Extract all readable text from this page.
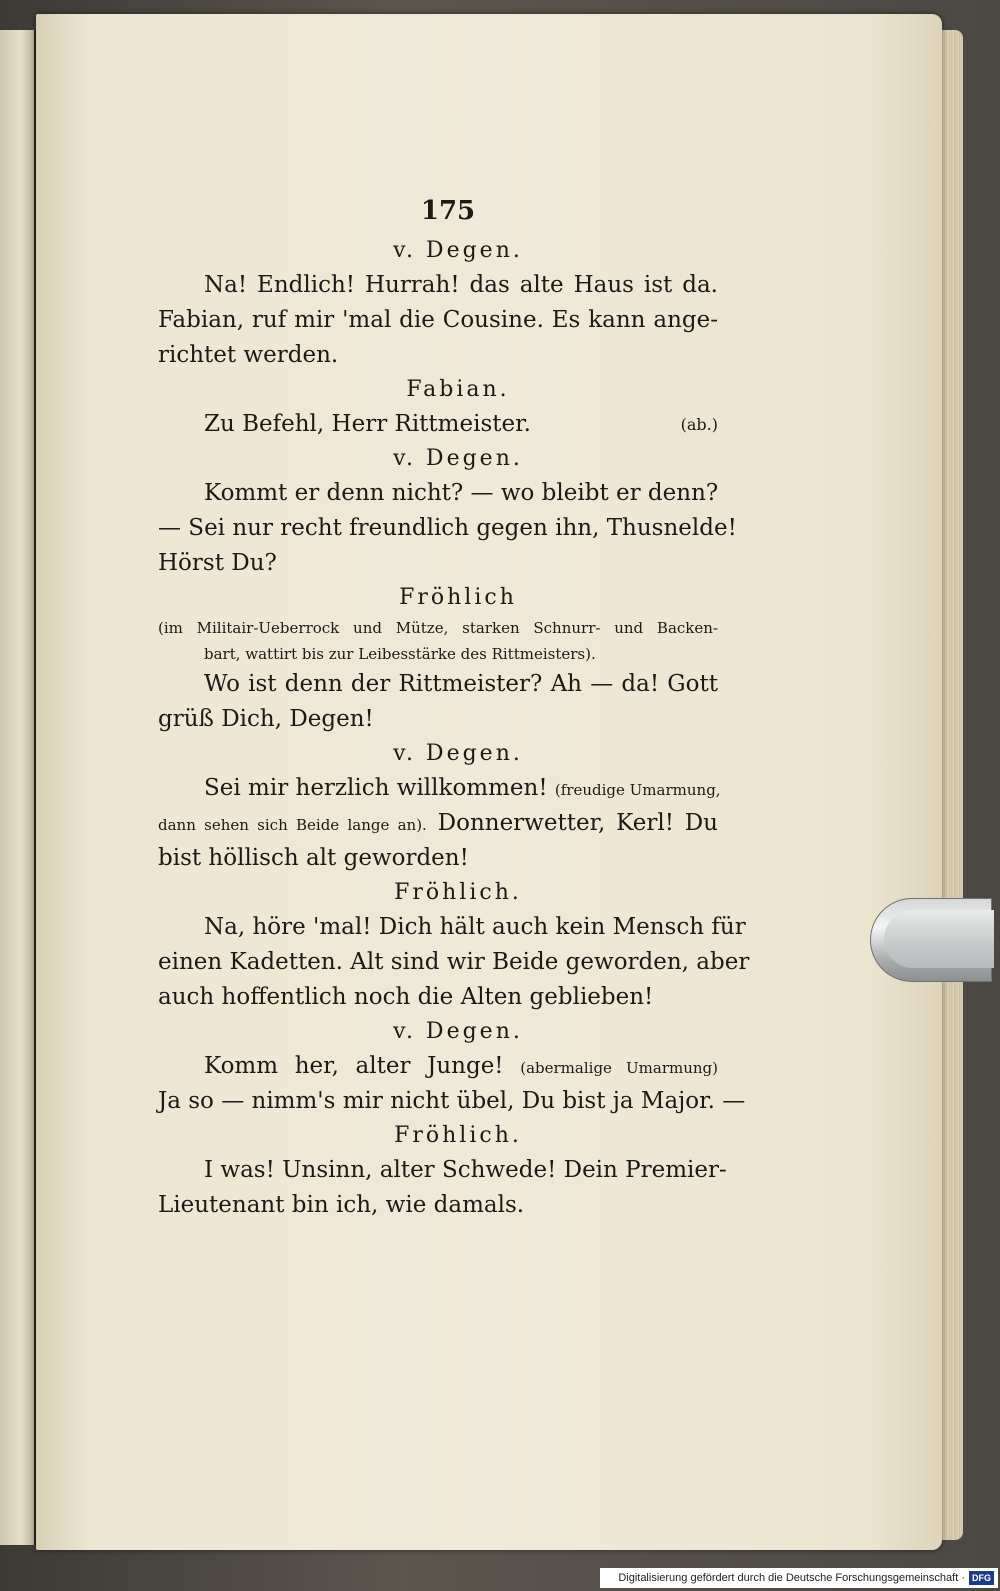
175
v. Degen.
Na! Endlich! Hurrah! das alte Haus ist da.
Fabian, ruf mir 'mal die Cousine. Es kann ange-
richtet werden.
Fabian.
(ab.)
Zu Befehl, Herr Rittmeister.
v. Degen.
Kommt er denn nicht? — wo bleibt er denn?
— Sei nur recht freundlich gegen ihn, Thusnelde!
Hörst Du?
Fröhlich
(im Militair-Ueberrock und Mütze, starken Schnurr- und Backen-
bart, wattirt bis zur Leibesstärke des Rittmeisters).
Wo ist denn der Rittmeister? Ah — da! Gott
grüß Dich, Degen!
v. Degen.
Sei mir herzlich willkommen! (freudige Umarmung,
dann sehen sich Beide lange an). Donnerwetter, Kerl! Du
bist höllisch alt geworden!
Fröhlich.
Na, höre 'mal! Dich hält auch kein Mensch für
einen Kadetten. Alt sind wir Beide geworden, aber
auch hoffentlich noch die Alten geblieben!
v. Degen.
Komm her, alter Junge! (abermalige Umarmung)
Ja so — nimm's mir nicht übel, Du bist ja Major. —
Fröhlich.
I was! Unsinn, alter Schwede! Dein Premier-
Lieutenant bin ich, wie damals.
Digitalisierung gefördert durch die Deutsche Forschungsgemeinschaft · DFG
